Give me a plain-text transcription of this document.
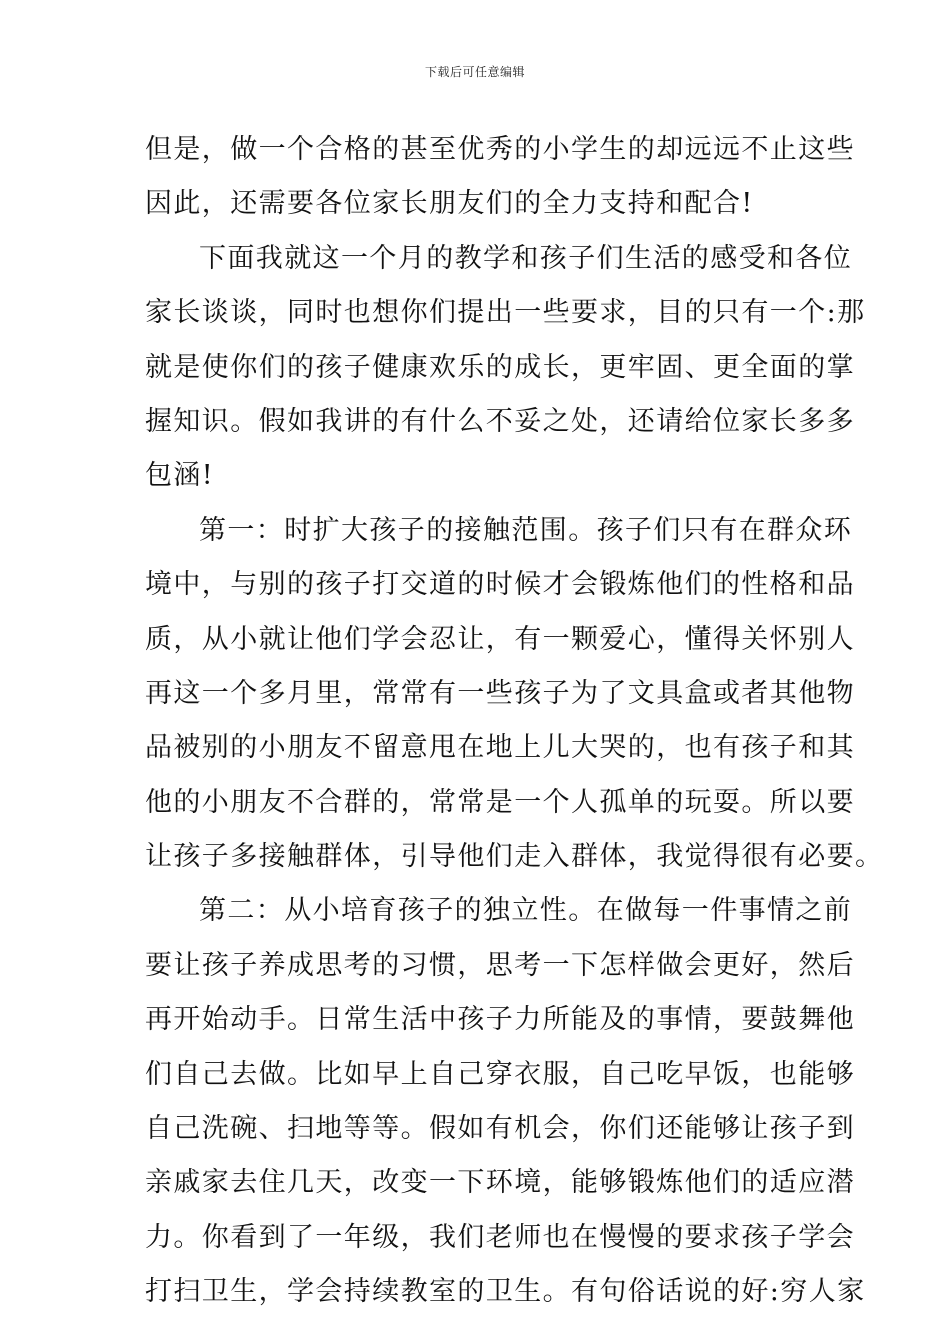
下载后可任意编辑
但是，做一个合格的甚至优秀的小学生的却远远不止这些
因此，还需要各位家长朋友们的全力支持和配合!
下面我就这一个月的教学和孩子们生活的感受和各位
家长谈谈，同时也想你们提出一些要求，目的只有一个:那
就是使你们的孩子健康欢乐的成长，更牢固、更全面的掌
握知识。假如我讲的有什么不妥之处，还请给位家长多多
包涵!
第一：时扩大孩子的接触范围。孩子们只有在群众环
境中，与别的孩子打交道的时候才会锻炼他们的性格和品
质，从小就让他们学会忍让，有一颗爱心，懂得关怀别人
再这一个多月里，常常有一些孩子为了文具盒或者其他物
品被别的小朋友不留意甩在地上儿大哭的，也有孩子和其
他的小朋友不合群的，常常是一个人孤单的玩耍。所以要
让孩子多接触群体，引导他们走入群体，我觉得很有必要。
第二：从小培育孩子的独立性。在做每一件事情之前
要让孩子养成思考的习惯，思考一下怎样做会更好，然后
再开始动手。日常生活中孩子力所能及的事情，要鼓舞他
们自己去做。比如早上自己穿衣服，自己吃早饭，也能够
自己洗碗、扫地等等。假如有机会，你们还能够让孩子到
亲戚家去住几天，改变一下环境，能够锻炼他们的适应潜
力。你看到了一年级，我们老师也在慢慢的要求孩子学会
打扫卫生，学会持续教室的卫生。有句俗话说的好:穷人家
